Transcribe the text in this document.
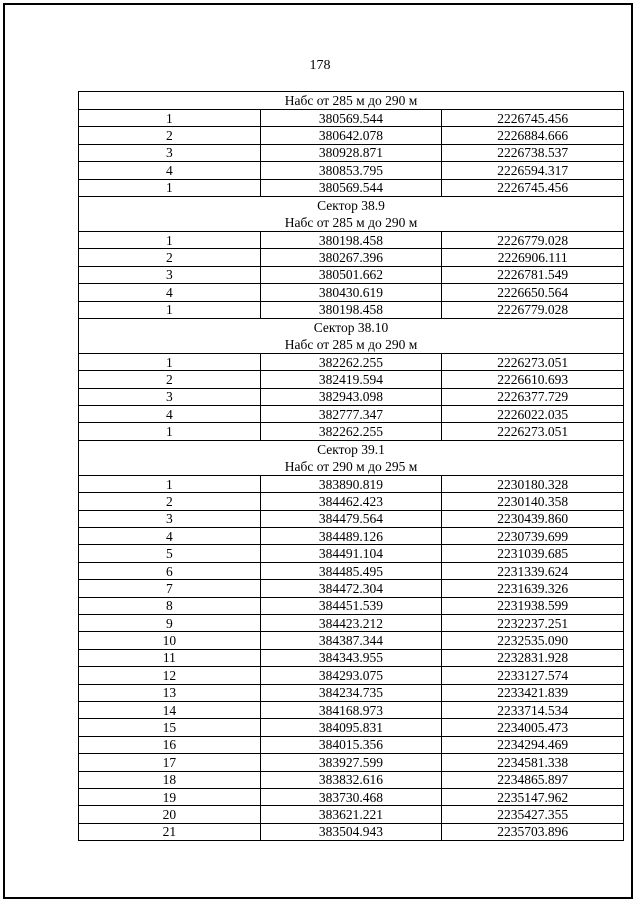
178
Набс от 285 м до 290 м		

1	380569.544	2226745.456
2	380642.078	2226884.666
3	380928.871	2226738.537
4	380853.795	2226594.317
1	380569.544	2226745.456

Сектор 38.9
Набс от 285 м до 290 м		

1	380198.458	2226779.028
2	380267.396	2226906.111
3	380501.662	2226781.549
4	380430.619	2226650.564
1	380198.458	2226779.028

Сектор 38.10
Набс от 285 м до 290 м		

1	382262.255	2226273.051
2	382419.594	2226610.693
3	382943.098	2226377.729
4	382777.347	2226022.035
1	382262.255	2226273.051

Сектор 39.1
Набс от 290 м до 295 м		

1	383890.819	2230180.328
2	384462.423	2230140.358
3	384479.564	2230439.860
4	384489.126	2230739.699
5	384491.104	2231039.685
6	384485.495	2231339.624
7	384472.304	2231639.326
8	384451.539	2231938.599
9	384423.212	2232237.251
10	384387.344	2232535.090
11	384343.955	2232831.928
12	384293.075	2233127.574
13	384234.735	2233421.839
14	384168.973	2233714.534
15	384095.831	2234005.473
16	384015.356	2234294.469
17	383927.599	2234581.338
18	383832.616	2234865.897
19	383730.468	2235147.962
20	383621.221	2235427.355
21	383504.943	2235703.896
